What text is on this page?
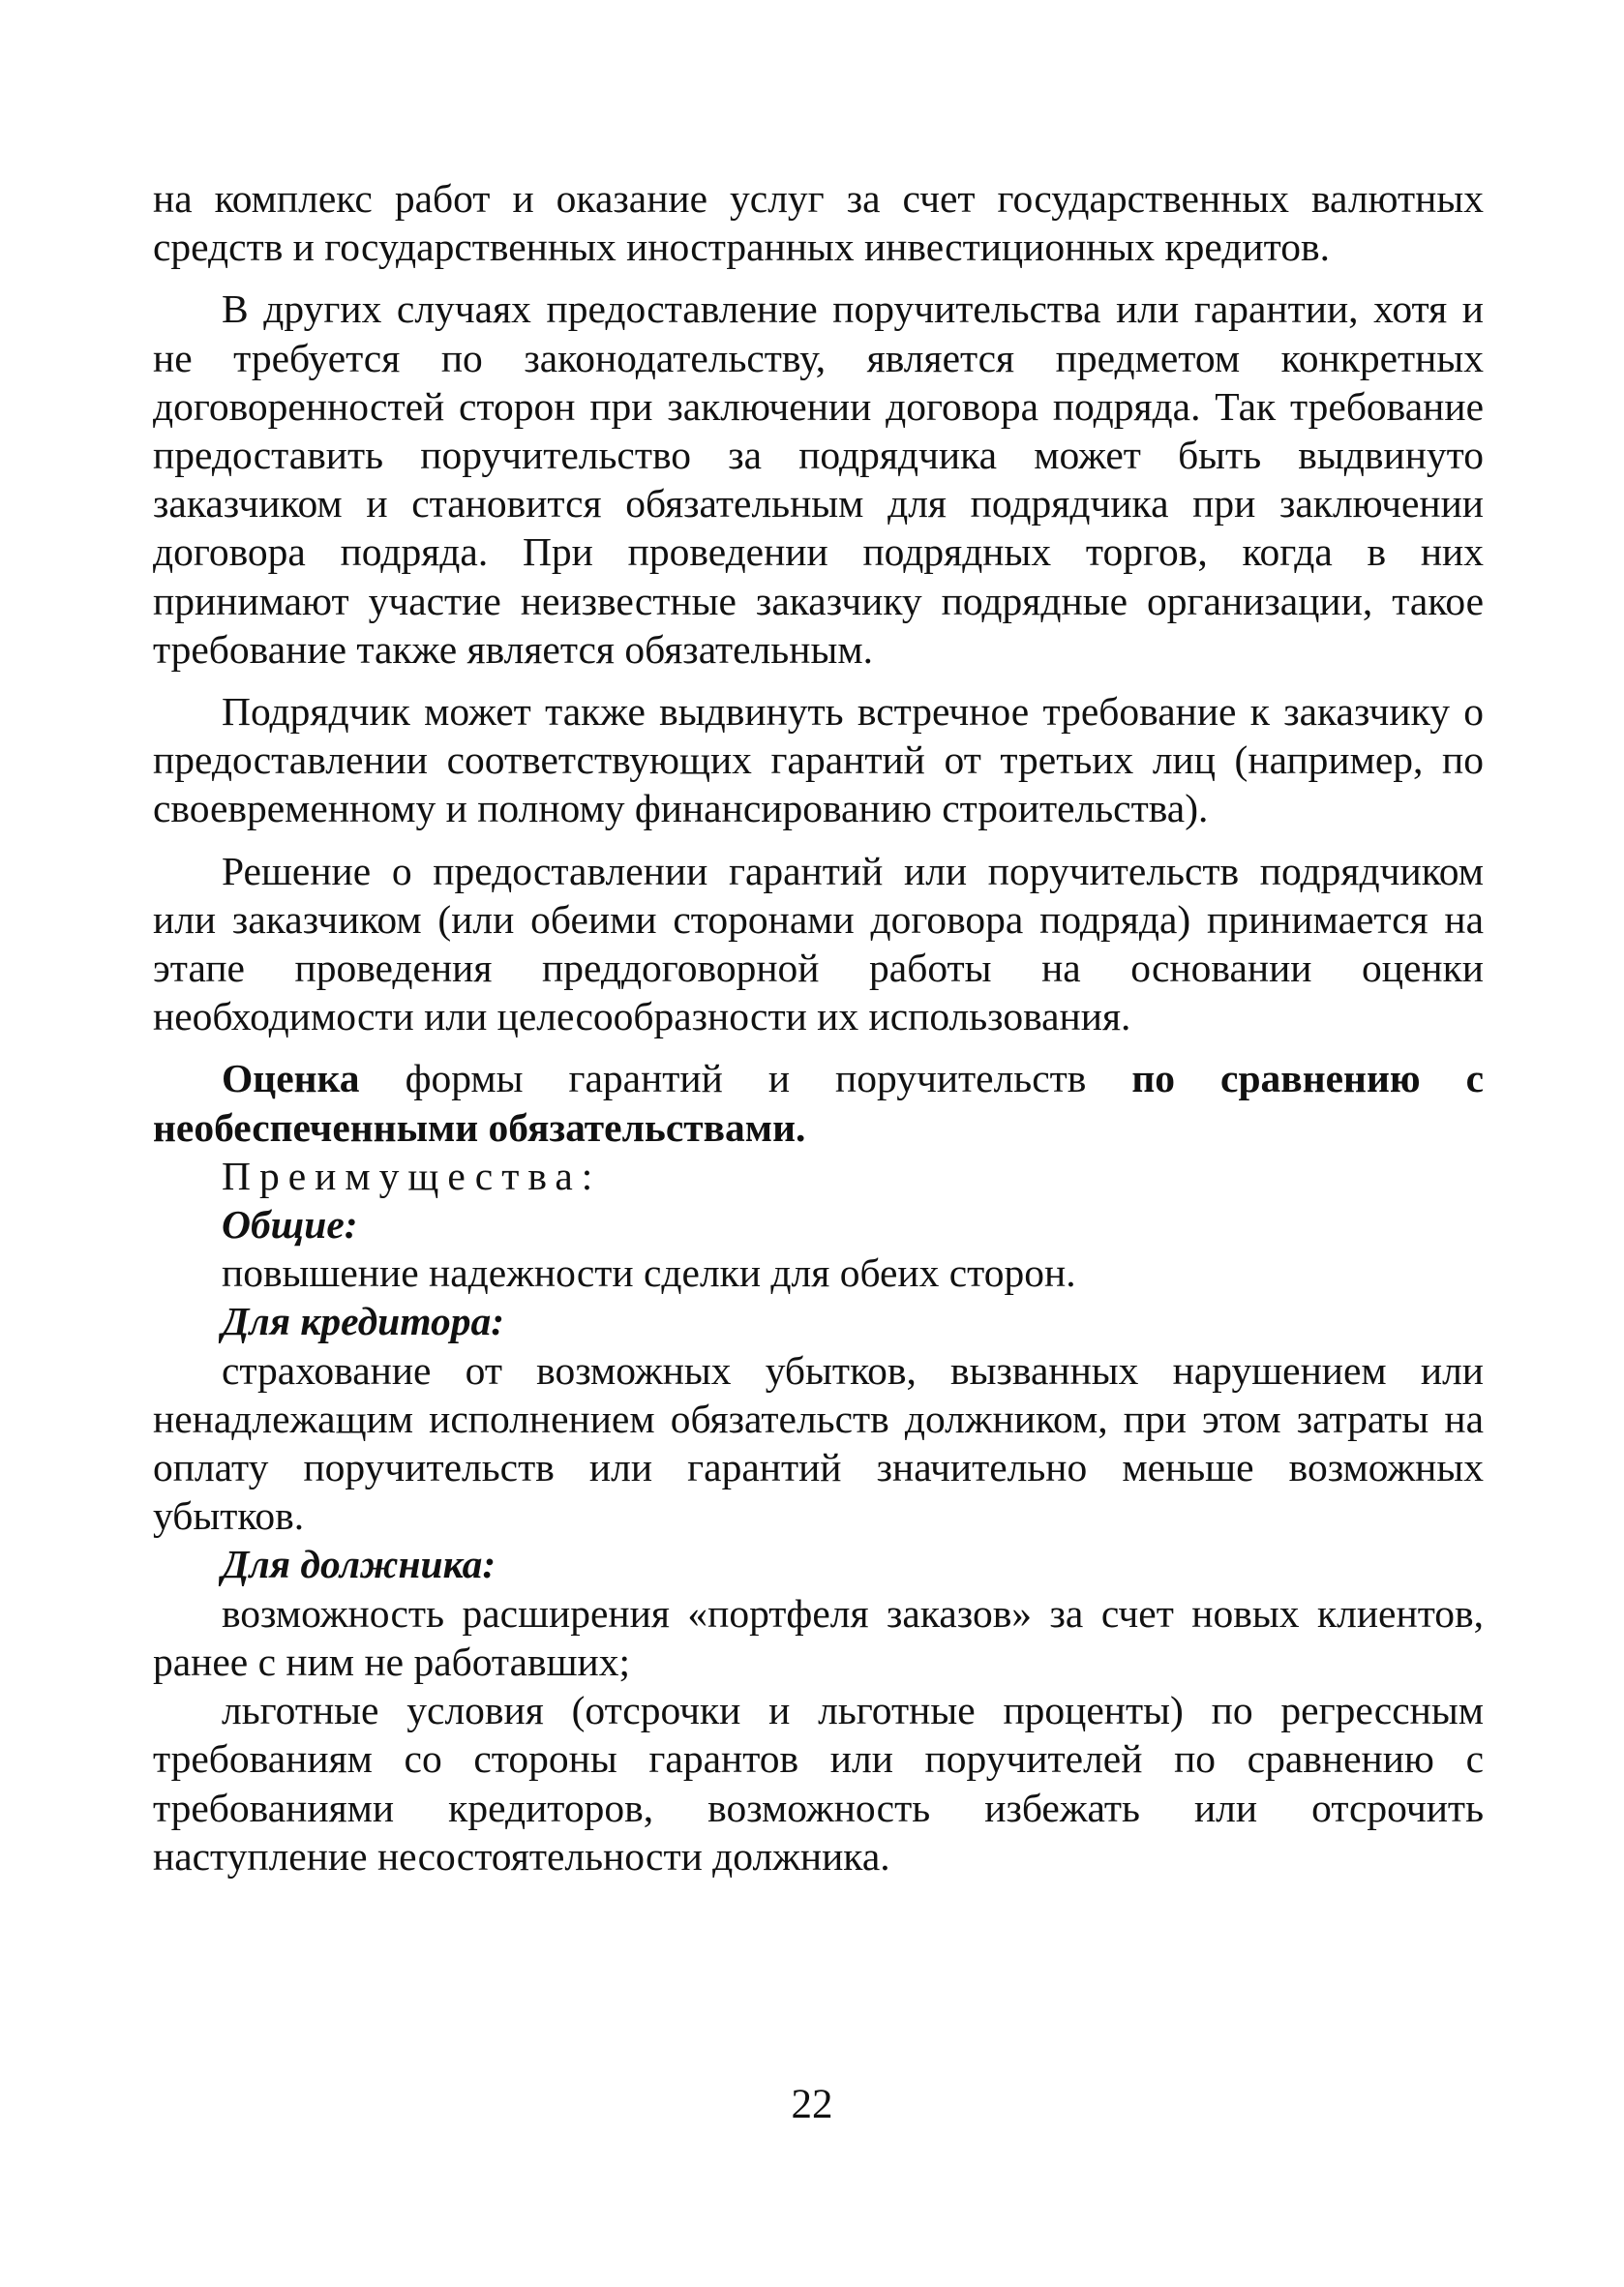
на комплекс работ и оказание услуг за счет государственных валютных средств и государственных иностранных инвестиционных кредитов.

В других случаях предоставление поручительства или гарантии, хотя и не требуется по законодательству, является предметом конкретных договоренностей сторон при заключении договора подряда. Так требование предоставить поручительство за подрядчика может быть выдвинуто заказчиком и становится обязательным для подрядчика при заключении договора подряда. При проведении подрядных торгов, когда в них принимают участие неизвестные заказчику подрядные организации, такое требование также является обязательным.

Подрядчик может также выдвинуть встречное требование к заказчику о предоставлении соответствующих гарантий от третьих лиц (например, по своевременному и полному финансированию строительства).

Решение о предоставлении гарантий или поручительств подрядчиком или заказчиком (или обеими сторонами договора подряда) принимается на этапе проведения преддоговорной работы на основании оценки необходимости или целесообразности их использования.

Оценка формы гарантий и поручительств по сравнению с необеспеченными обязательствами.

Преимущества:

Общие:

повышение надежности сделки для обеих сторон.

Для кредитора:

страхование от возможных убытков, вызванных нарушением или ненадлежащим исполнением обязательств должником, при этом затраты на оплату поручительств или гарантий значительно меньше возможных убытков.

Для должника:

возможность расширения «портфеля заказов» за счет новых клиентов, ранее с ним не работавших;

льготные условия (отсрочки и льготные проценты) по регрессным требованиям со стороны гарантов или поручителей по сравнению с требованиями кредиторов, возможность избежать или отсрочить наступление несостоятельности должника.

22
